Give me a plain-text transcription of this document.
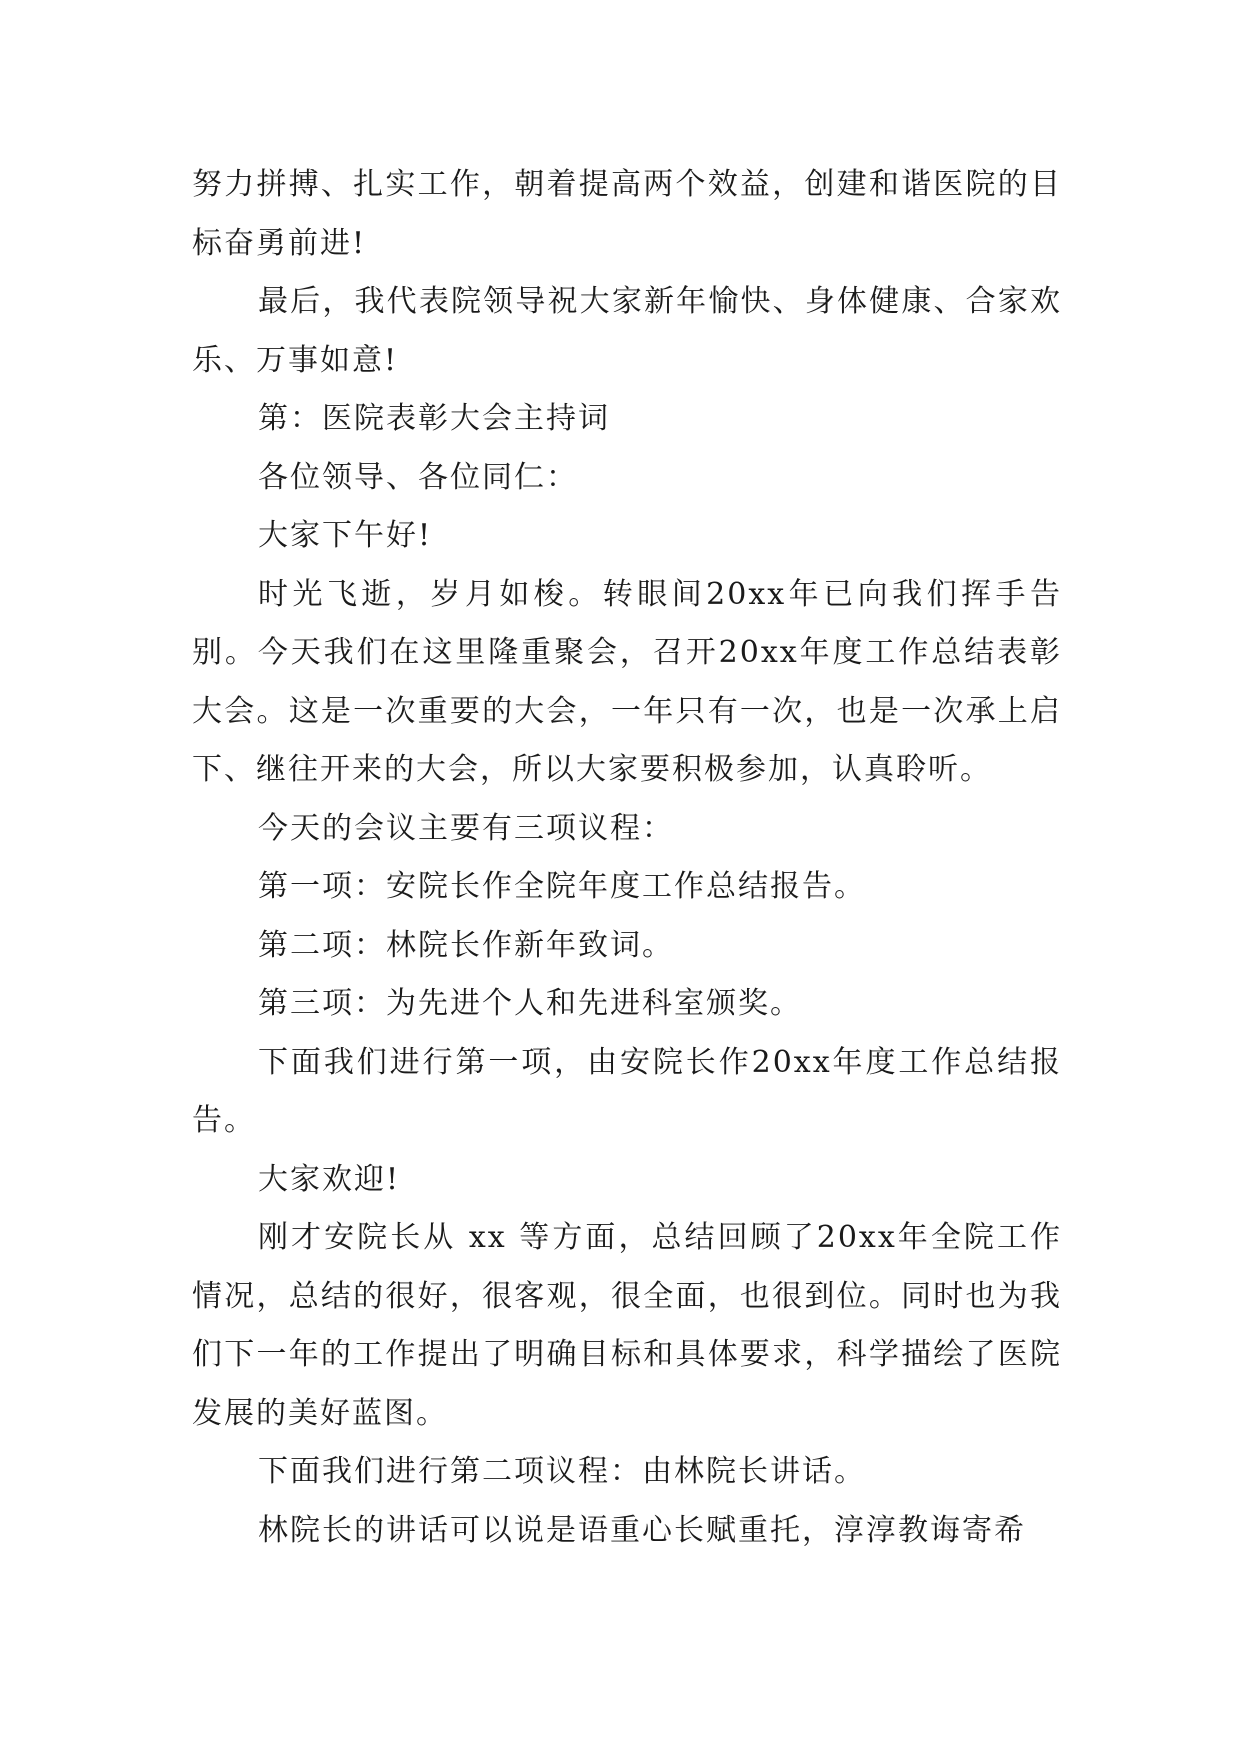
努力拼搏、扎实工作，朝着提高两个效益，创建和谐医院的目标奋勇前进!

最后，我代表院领导祝大家新年愉快、身体健康、合家欢乐、万事如意!

第：医院表彰大会主持词

各位领导、各位同仁：

大家下午好!

时光飞逝，岁月如梭。转眼间20xx年已向我们挥手告别。今天我们在这里隆重聚会，召开20xx年度工作总结表彰大会。这是一次重要的大会，一年只有一次，也是一次承上启下、继往开来的大会，所以大家要积极参加，认真聆听。

今天的会议主要有三项议程：

第一项：安院长作全院年度工作总结报告。

第二项：林院长作新年致词。

第三项：为先进个人和先进科室颁奖。

下面我们进行第一项，由安院长作20xx年度工作总结报告。

大家欢迎!

刚才安院长从 xx 等方面，总结回顾了20xx年全院工作情况，总结的很好，很客观，很全面，也很到位。同时也为我们下一年的工作提出了明确目标和具体要求，科学描绘了医院发展的美好蓝图。

下面我们进行第二项议程：由林院长讲话。

林院长的讲话可以说是语重心长赋重托，淳淳教诲寄希
